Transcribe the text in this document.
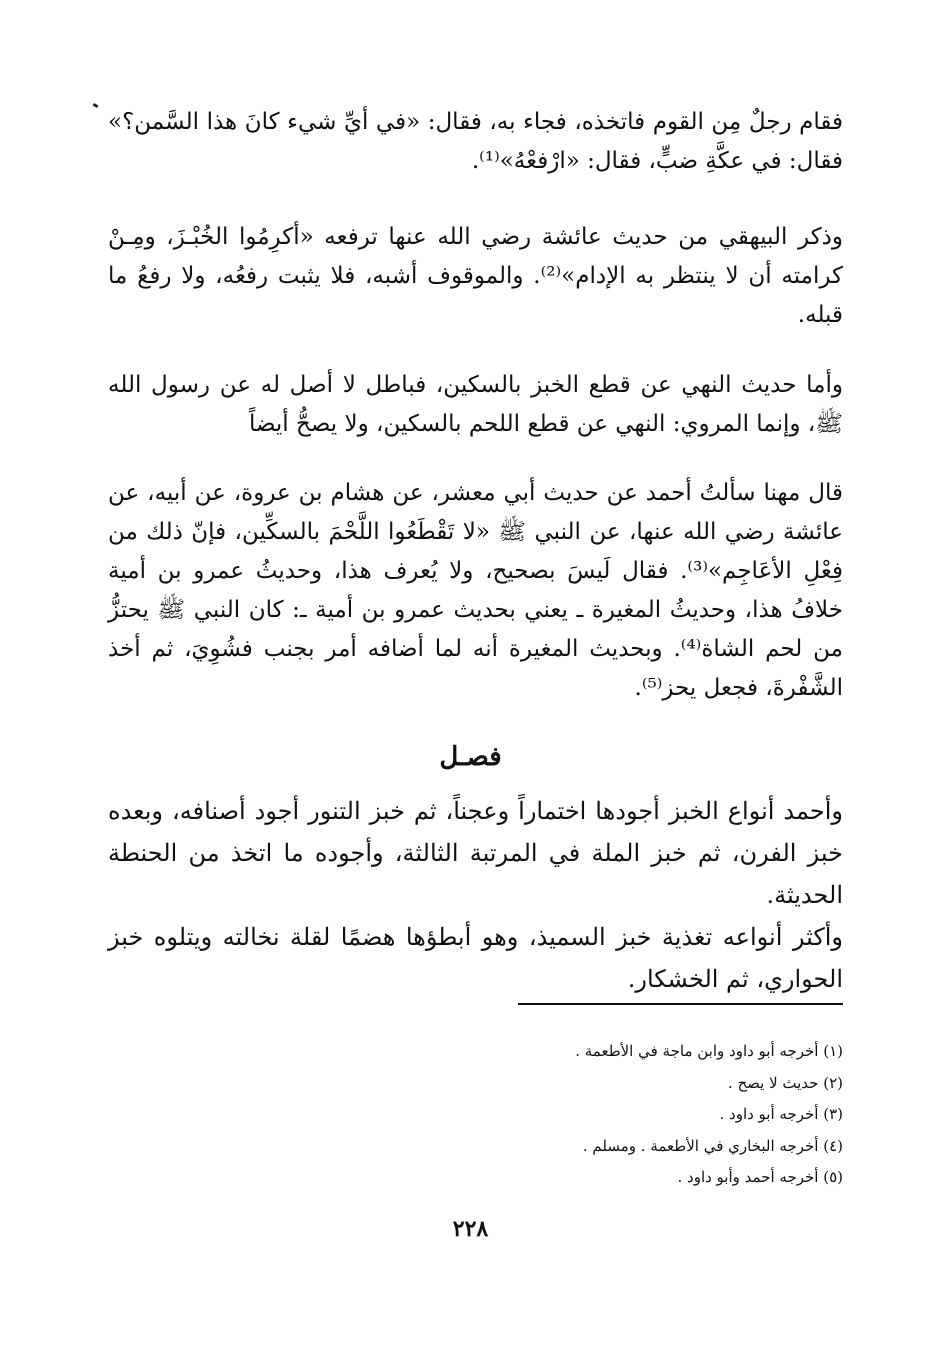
فقام رجلٌ مِن القوم فاتخذه، فجاء به، فقال: «في أيِّ شيء كانَ هذا السَّمن؟» فقال: في عكَّةِ ضبٍّ، فقال: «ارْفعْهُ»⁽¹⁾.

وذكر البيهقي من حديث عائشة رضي الله عنها ترفعه «أكرِمُوا الخُبْـزَ، ومِـنْ كرامته أن لا ينتظر به الإدام»⁽²⁾. والموقوف أشبه، فلا يثبت رفعُه، ولا رفعُ ما قبله.

وأما حديث النهي عن قطع الخبز بالسكين، فباطل لا أصل له عن رسول الله ﷺ، وإنما المروي: النهي عن قطع اللحم بالسكين، ولا يصحُّ أيضاً

قال مهنا سألتُ أحمد عن حديث أبي معشر، عن هشام بن عروة، عن أبيه، عن عائشة رضي الله عنها، عن النبي ﷺ «لا تَقْطَعُوا اللَّحْمَ بالسكِّين، فإنّ ذلك من فِعْلِ الأعَاجِم»⁽³⁾. فقال لَيسَ بصحيح، ولا يُعرف هذا، وحديثُ عمرو بن أمية خلافُ هذا، وحديثُ المغيرة ـ يعني بحديث عمرو بن أمية ـ: كان النبي ﷺ يحتزُّ من لحم الشاة⁽⁴⁾. وبحديث المغيرة أنه لما أضافه أمر بجنب فشُوِيَ، ثم أخذ الشَّفْرةَ، فجعل يحز⁽⁵⁾.

فصـل

وأحمد أنواع الخبز أجودها اختماراً وعجناً، ثم خبز التنور أجود أصنافه، وبعده خبز الفرن، ثم خبز الملة في المرتبة الثالثة، وأجوده ما اتخذ من الحنطة الحديثة.

وأكثر أنواعه تغذية خبز السميذ، وهو أبطؤها هضمًا لقلة نخالته ويتلوه خبز الحواري، ثم الخشكار.

(١) أخرجه أبو داود وابن ماجة في الأطعمة .
(٢) حديث لا يصح .
(٣) أخرجه أبو داود .
(٤) أخرجه البخاري في الأطعمة . ومسلم .
(٥) أخرجه أحمد وأبو داود .
٢٢٨
